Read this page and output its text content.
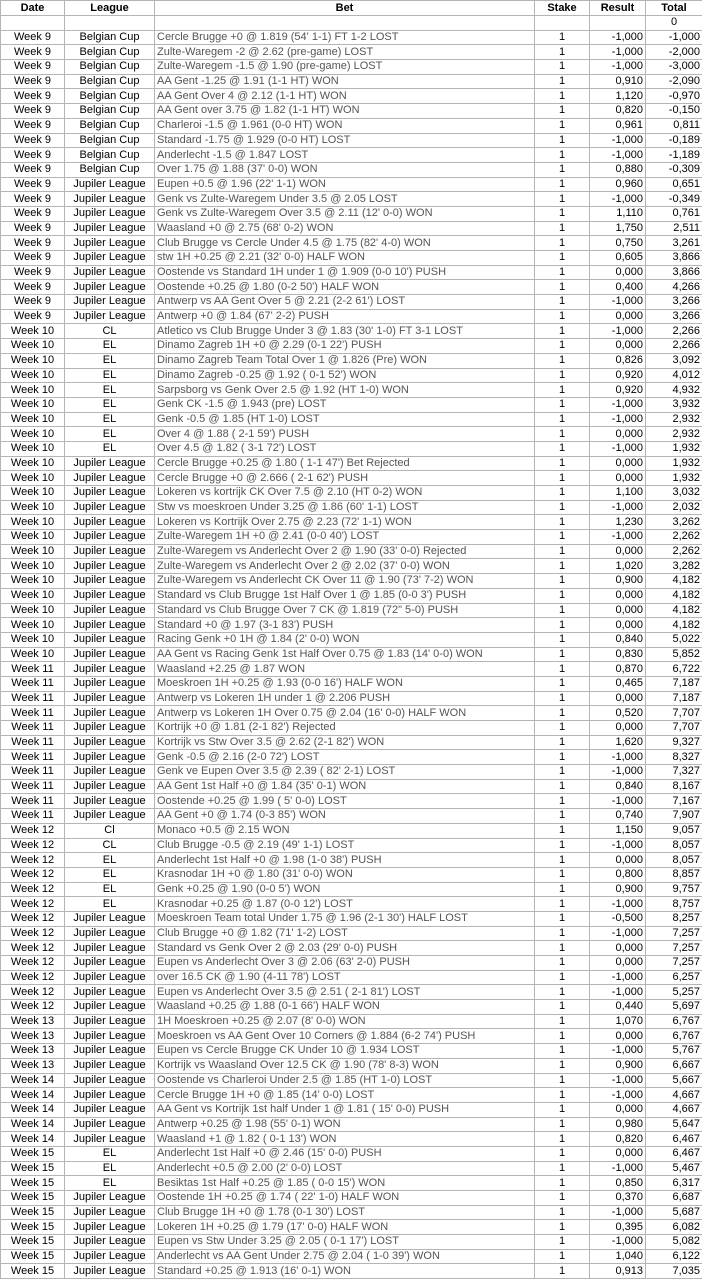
Date	League	Bet	Stake	Result	Total
					0
Week 9	Belgian Cup	Cercle Brugge +0 @ 1.819 (54' 1-1) FT 1-2 LOST	1	-1,000	-1,000
Week 9	Belgian Cup	Zulte-Waregem -2 @ 2.62 (pre-game) LOST	1	-1,000	-2,000
Week 9	Belgian Cup	Zulte-Waregem -1.5 @ 1.90 (pre-game) LOST	1	-1,000	-3,000
Week 9	Belgian Cup	AA Gent -1.25 @ 1.91 (1-1 HT) WON	1	0,910	-2,090
Week 9	Belgian Cup	AA Gent Over 4 @ 2.12 (1-1 HT) WON	1	1,120	-0,970
Week 9	Belgian Cup	AA Gent over 3.75 @ 1.82 (1-1 HT) WON	1	0,820	-0,150
Week 9	Belgian Cup	Charleroi -1.5 @ 1.961 (0-0 HT) WON	1	0,961	0,811
Week 9	Belgian Cup	Standard -1.75 @ 1.929 (0-0 HT) LOST	1	-1,000	-0,189
Week 9	Belgian Cup	Anderlecht -1.5 @ 1.847 LOST	1	-1,000	-1,189
Week 9	Belgian Cup	Over 1.75 @ 1.88 (37' 0-0) WON	1	0,880	-0,309
Week 9	Jupiler League	Eupen +0.5 @ 1.96 (22' 1-1) WON	1	0,960	0,651
Week 9	Jupiler League	Genk vs Zulte-Waregem Under 3.5 @ 2.05 LOST	1	-1,000	-0,349
Week 9	Jupiler League	Genk vs Zulte-Waregem Over 3.5 @ 2.11 (12' 0-0) WON	1	1,110	0,761
Week 9	Jupiler League	Waasland +0 @ 2.75 (68' 0-2) WON	1	1,750	2,511
Week 9	Jupiler League	Club Brugge vs Cercle Under 4.5 @ 1.75 (82' 4-0) WON	1	0,750	3,261
Week 9	Jupiler League	stw 1H +0.25 @ 2.21 (32' 0-0) HALF WON	1	0,605	3,866
Week 9	Jupiler League	Oostende vs Standard 1H under 1 @ 1.909 (0-0 10') PUSH	1	0,000	3,866
Week 9	Jupiler League	Oostende +0.25 @ 1.80 (0-2 50') HALF WON	1	0,400	4,266
Week 9	Jupiler League	Antwerp vs AA Gent Over 5 @ 2.21 (2-2 61') LOST	1	-1,000	3,266
Week 9	Jupiler League	Antwerp +0 @ 1.84 (67' 2-2) PUSH	1	0,000	3,266
Week 10	CL	Atletico vs Club Brugge Under 3 @ 1.83 (30' 1-0) FT 3-1 LOST	1	-1,000	2,266
Week 10	EL	Dinamo Zagreb 1H +0 @ 2.29 (0-1 22') PUSH	1	0,000	2,266
Week 10	EL	Dinamo Zagreb Team Total Over 1 @ 1.826 (Pre) WON	1	0,826	3,092
Week 10	EL	Dinamo Zagreb -0.25 @ 1.92 ( 0-1 52') WON	1	0,920	4,012
Week 10	EL	Sarpsborg vs Genk Over 2.5 @ 1.92 (HT 1-0) WON	1	0,920	4,932
Week 10	EL	Genk CK -1.5 @ 1.943 (pre) LOST	1	-1,000	3,932
Week 10	EL	Genk -0.5 @ 1.85 (HT 1-0) LOST	1	-1,000	2,932
Week 10	EL	Over 4 @ 1.88 ( 2-1 59') PUSH	1	0,000	2,932
Week 10	EL	Over 4.5 @ 1.82 ( 3-1 72') LOST	1	-1,000	1,932
Week 10	Jupiler League	Cercle Brugge +0.25 @ 1.80 ( 1-1 47') Bet Rejected	1	0,000	1,932
Week 10	Jupiler League	Cercle Brugge +0 @ 2.666 ( 2-1 62') PUSH	1	0,000	1,932
Week 10	Jupiler League	Lokeren vs kortrijk CK Over 7.5 @ 2.10 (HT 0-2) WON	1	1,100	3,032
Week 10	Jupiler League	Stw vs moeskroen Under 3.25 @ 1.86 (60' 1-1) LOST	1	-1,000	2,032
Week 10	Jupiler League	Lokeren vs Kortrijk Over 2.75 @ 2.23 (72' 1-1) WON	1	1,230	3,262
Week 10	Jupiler League	Zulte-Waregem 1H +0 @ 2.41 (0-0 40') LOST	1	-1,000	2,262
Week 10	Jupiler League	Zulte-Waregem vs Anderlecht Over 2 @ 1.90 (33' 0-0) Rejected	1	0,000	2,262
Week 10	Jupiler League	Zulte-Waregem vs Anderlecht Over 2 @ 2.02 (37' 0-0) WON	1	1,020	3,282
Week 10	Jupiler League	Zulte-Waregem vs Anderlecht CK Over 11 @ 1.90 (73' 7-2) WON	1	0,900	4,182
Week 10	Jupiler League	Standard vs Club Brugge 1st Half Over 1 @ 1.85 (0-0 3') PUSH	1	0,000	4,182
Week 10	Jupiler League	Standard vs Club Brugge Over 7 CK @ 1.819 (72" 5-0) PUSH	1	0,000	4,182
Week 10	Jupiler League	Standard +0 @ 1.97 (3-1 83') PUSH	1	0,000	4,182
Week 10	Jupiler League	Racing Genk +0 1H @ 1.84 (2' 0-0) WON	1	0,840	5,022
Week 10	Jupiler League	AA Gent vs Racing Genk 1st Half Over 0.75 @ 1.83 (14' 0-0) WON	1	0,830	5,852
Week 11	Jupiler League	Waasland +2.25 @ 1.87 WON	1	0,870	6,722
Week 11	Jupiler League	Moeskroen 1H +0.25 @ 1.93 (0-0 16') HALF WON	1	0,465	7,187
Week 11	Jupiler League	Antwerp vs Lokeren 1H under 1 @ 2.206 PUSH	1	0,000	7,187
Week 11	Jupiler League	Antwerp vs Lokeren 1H Over 0.75 @ 2.04 (16' 0-0) HALF WON	1	0,520	7,707
Week 11	Jupiler League	Kortrijk +0 @ 1.81 (2-1 82') Rejected	1	0,000	7,707
Week 11	Jupiler League	Kortrijk vs Stw Over 3.5 @ 2.62 (2-1 82') WON	1	1,620	9,327
Week 11	Jupiler League	Genk -0.5 @ 2.16 (2-0 72') LOST	1	-1,000	8,327
Week 11	Jupiler League	Genk ve Eupen Over 3.5 @ 2.39 ( 82' 2-1) LOST	1	-1,000	7,327
Week 11	Jupiler League	AA Gent 1st Half +0 @ 1.84 (35' 0-1) WON	1	0,840	8,167
Week 11	Jupiler League	Oostende +0.25 @ 1.99 ( 5' 0-0) LOST	1	-1,000	7,167
Week 11	Jupiler League	AA Gent +0 @ 1.74 (0-3 85') WON	1	0,740	7,907
Week 12	Cl	Monaco +0.5 @ 2.15 WON	1	1,150	9,057
Week 12	CL	Club Brugge -0.5 @ 2.19 (49' 1-1) LOST	1	-1,000	8,057
Week 12	EL	Anderlecht 1st Half +0 @ 1.98 (1-0 38') PUSH	1	0,000	8,057
Week 12	EL	Krasnodar 1H +0 @ 1.80 (31' 0-0) WON	1	0,800	8,857
Week 12	EL	Genk +0.25 @ 1.90 (0-0 5') WON	1	0,900	9,757
Week 12	EL	Krasnodar +0.25 @ 1.87 (0-0 12') LOST	1	-1,000	8,757
Week 12	Jupiler League	Moeskroen Team total Under 1.75 @ 1.96 (2-1 30') HALF LOST	1	-0,500	8,257
Week 12	Jupiler League	Club Brugge +0 @ 1.82 (71' 1-2) LOST	1	-1,000	7,257
Week 12	Jupiler League	Standard vs Genk Over 2 @ 2.03 (29' 0-0) PUSH	1	0,000	7,257
Week 12	Jupiler League	Eupen vs Anderlecht Over 3 @ 2.06 (63' 2-0) PUSH	1	0,000	7,257
Week 12	Jupiler League	over 16.5 CK @ 1.90 (4-11 78') LOST	1	-1,000	6,257
Week 12	Jupiler League	Eupen vs Anderlecht Over 3.5 @ 2.51 ( 2-1 81') LOST	1	-1,000	5,257
Week 12	Jupiler League	Waasland +0.25 @ 1.88 (0-1 66') HALF WON	1	0,440	5,697
Week 13	Jupiler League	1H Moeskroen +0.25 @ 2.07 (8' 0-0) WON	1	1,070	6,767
Week 13	Jupiler League	Moeskroen vs AA Gent Over 10 Corners @ 1.884 (6-2 74') PUSH	1	0,000	6,767
Week 13	Jupiler League	Eupen vs Cercle Brugge CK Under 10 @ 1.934 LOST	1	-1,000	5,767
Week 13	Jupiler League	Kortrijk vs Waasland Over 12.5 CK @ 1.90 (78' 8-3) WON	1	0,900	6,667
Week 14	Jupiler League	Oostende vs Charleroi Under 2.5 @ 1.85 (HT 1-0) LOST	1	-1,000	5,667
Week 14	Jupiler League	Cercle Brugge 1H +0 @ 1.85 (14' 0-0) LOST	1	-1,000	4,667
Week 14	Jupiler League	AA Gent vs Kortrijk 1st half Under 1 @ 1.81 ( 15' 0-0) PUSH	1	0,000	4,667
Week 14	Jupiler League	Antwerp +0.25 @ 1.98 (55' 0-1) WON	1	0,980	5,647
Week 14	Jupiler League	Waasland +1 @ 1.82 ( 0-1 13') WON	1	0,820	6,467
Week 15	EL	Anderlecht 1st Half +0 @ 2.46 (15' 0-0) PUSH	1	0,000	6,467
Week 15	EL	Anderlecht +0.5 @ 2.00 (2' 0-0) LOST	1	-1,000	5,467
Week 15	EL	Besiktas 1st Half +0.25 @ 1.85 ( 0-0 15') WON	1	0,850	6,317
Week 15	Jupiler League	Oostende 1H +0.25 @ 1.74 ( 22' 1-0) HALF WON	1	0,370	6,687
Week 15	Jupiler League	Club Brugge 1H +0 @ 1.78 (0-1 30') LOST	1	-1,000	5,687
Week 15	Jupiler League	Lokeren 1H +0.25 @ 1.79 (17' 0-0) HALF WON	1	0,395	6,082
Week 15	Jupiler League	Eupen vs Stw Under 3.25 @ 2.05 ( 0-1 17') LOST	1	-1,000	5,082
Week 15	Jupiler League	Anderlecht vs AA Gent Under 2.75 @ 2.04 ( 1-0 39') WON	1	1,040	6,122
Week 15	Jupiler League	Standard +0.25 @ 1.913 (16' 0-1) WON	1	0,913	7,035
